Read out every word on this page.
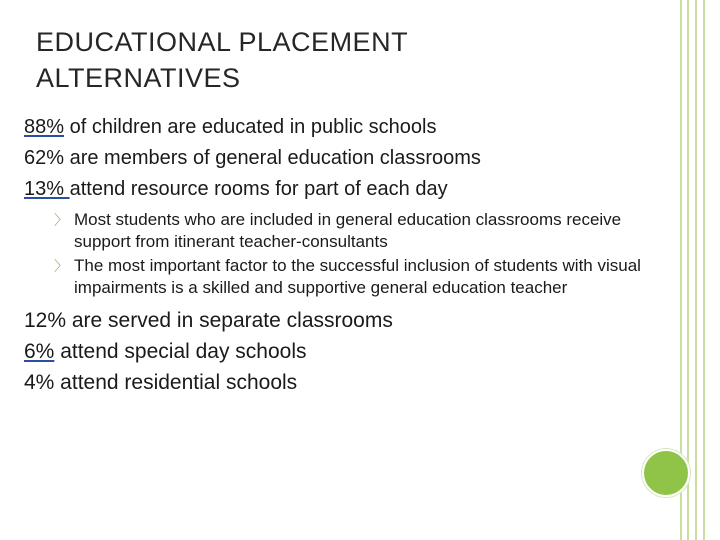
EDUCATIONAL PLACEMENT
ALTERNATIVES
88% of children are educated in public schools
62% are members of general education classrooms
13% attend resource rooms for part of each day
〉 Most students who are included in general education classrooms receive support from itinerant teacher-consultants
〉 The most important factor to the successful inclusion of students with visual impairments is a skilled and supportive general education teacher
12% are served in separate classrooms
6% attend special day schools
4% attend residential schools
